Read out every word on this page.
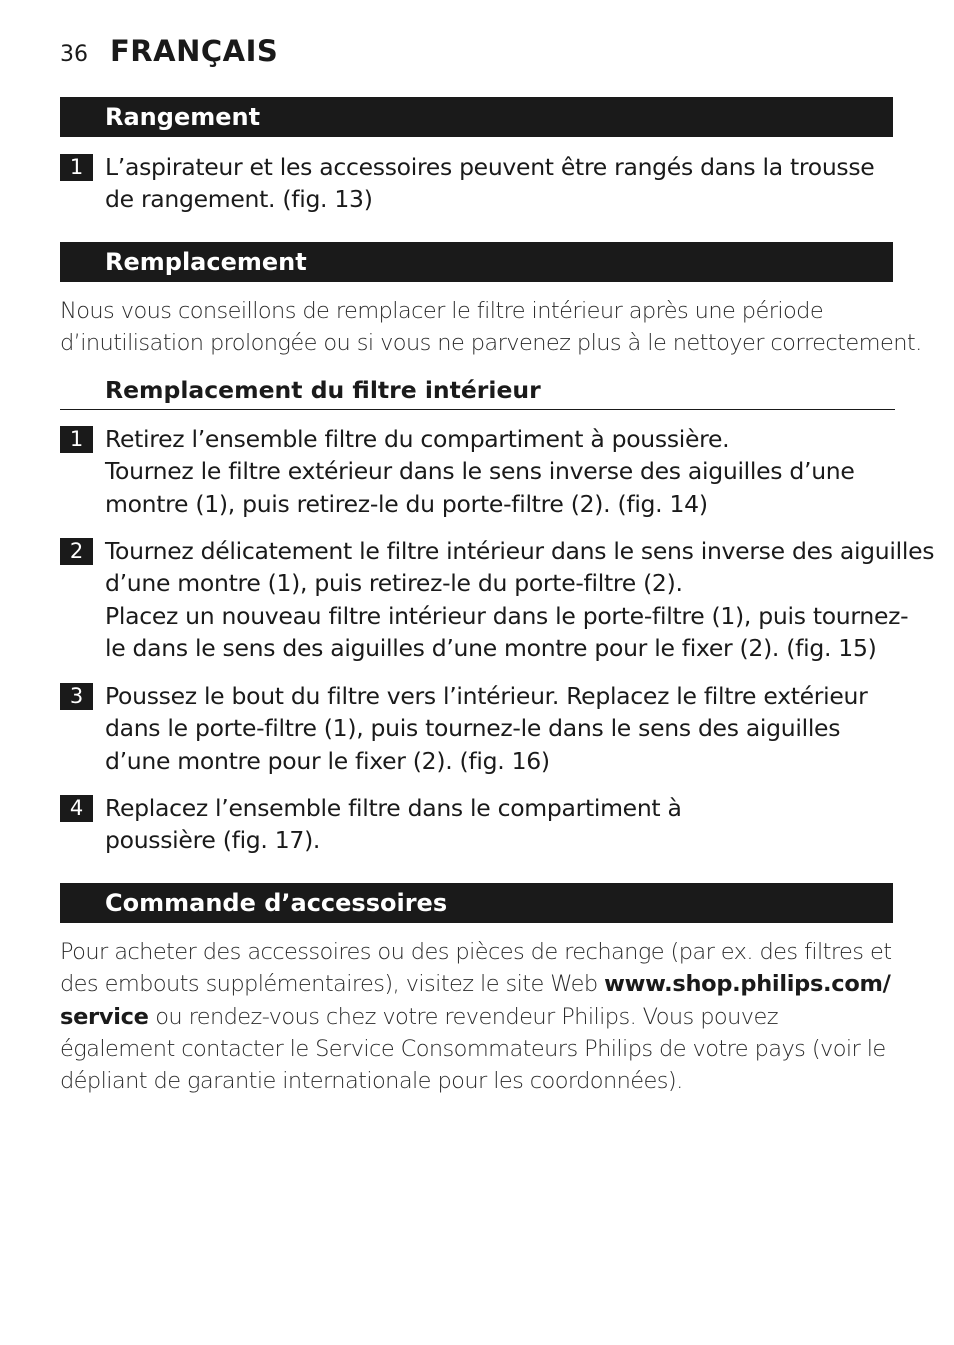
36 FRANÇAIS
Rangement
1 L’aspirateur et les accessoires peuvent être rangés dans la trousse
de rangement. (fig. 13)
Remplacement
Nous vous conseillons de remplacer le filtre intérieur après une période
d’inutilisation prolongée ou si vous ne parvenez plus à le nettoyer correctement.
Remplacement du filtre intérieur
1 Retirez l’ensemble filtre du compartiment à poussière.
Tournez le filtre extérieur dans le sens inverse des aiguilles d’une
montre (1), puis retirez-le du porte-filtre (2). (fig. 14)
2 Tournez délicatement le filtre intérieur dans le sens inverse des aiguilles
d’une montre (1), puis retirez-le du porte-filtre (2).
Placez un nouveau filtre intérieur dans le porte-filtre (1), puis tournez-
le dans le sens des aiguilles d’une montre pour le fixer (2). (fig. 15)
3 Poussez le bout du filtre vers l’intérieur. Replacez le filtre extérieur
dans le porte-filtre (1), puis tournez-le dans le sens des aiguilles
d’une montre pour le fixer (2). (fig. 16)
4 Replacez l’ensemble filtre dans le compartiment à
poussière (fig. 17).
Commande d’accessoires
Pour acheter des accessoires ou des pièces de rechange (par ex. des filtres et
des embouts supplémentaires), visitez le site Web www.shop.philips.com/
service ou rendez-vous chez votre revendeur Philips. Vous pouvez
également contacter le Service Consommateurs Philips de votre pays (voir le
dépliant de garantie internationale pour les coordonnées).
